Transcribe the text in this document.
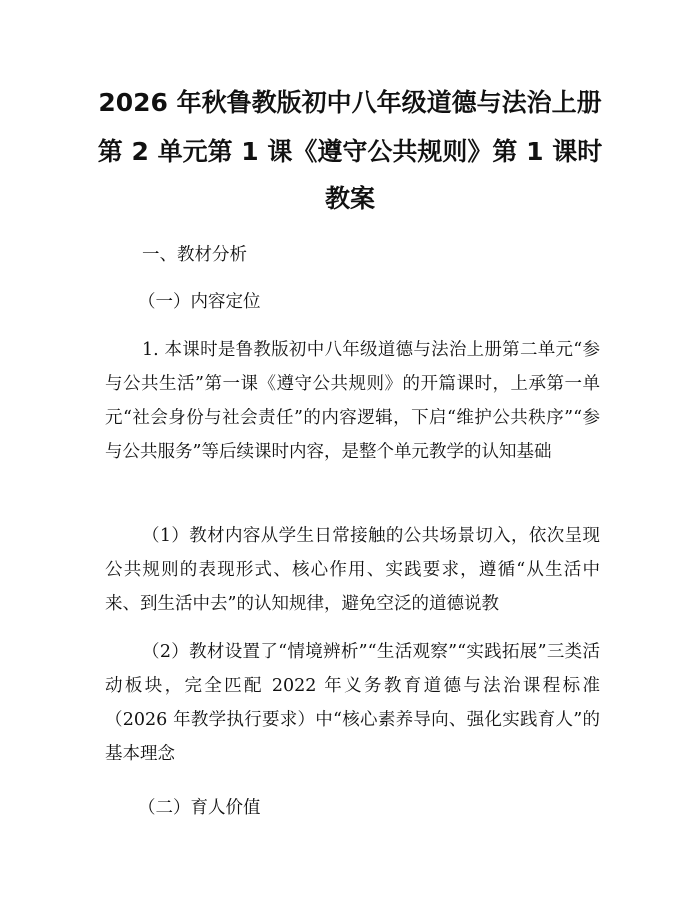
2026 年秋鲁教版初中八年级道德与法治上册
第 2 单元第 1 课《遵守公共规则》第 1 课时
教案
一、教材分析
（一）内容定位
1. 本课时是鲁教版初中八年级道德与法治上册第二单元“参与公共生活”第一课《遵守公共规则》的开篇课时，上承第一单元“社会身份与社会责任”的内容逻辑，下启“维护公共秩序”“参与公共服务”等后续课时内容，是整个单元教学的认知基础
（1）教材内容从学生日常接触的公共场景切入，依次呈现公共规则的表现形式、核心作用、实践要求，遵循“从生活中来、到生活中去”的认知规律，避免空泛的道德说教
（2）教材设置了“情境辨析”“生活观察”“实践拓展”三类活动板块，完全匹配 2022 年义务教育道德与法治课程标准（2026 年教学执行要求）中“核心素养导向、强化实践育人”的基本理念
（二）育人价值
